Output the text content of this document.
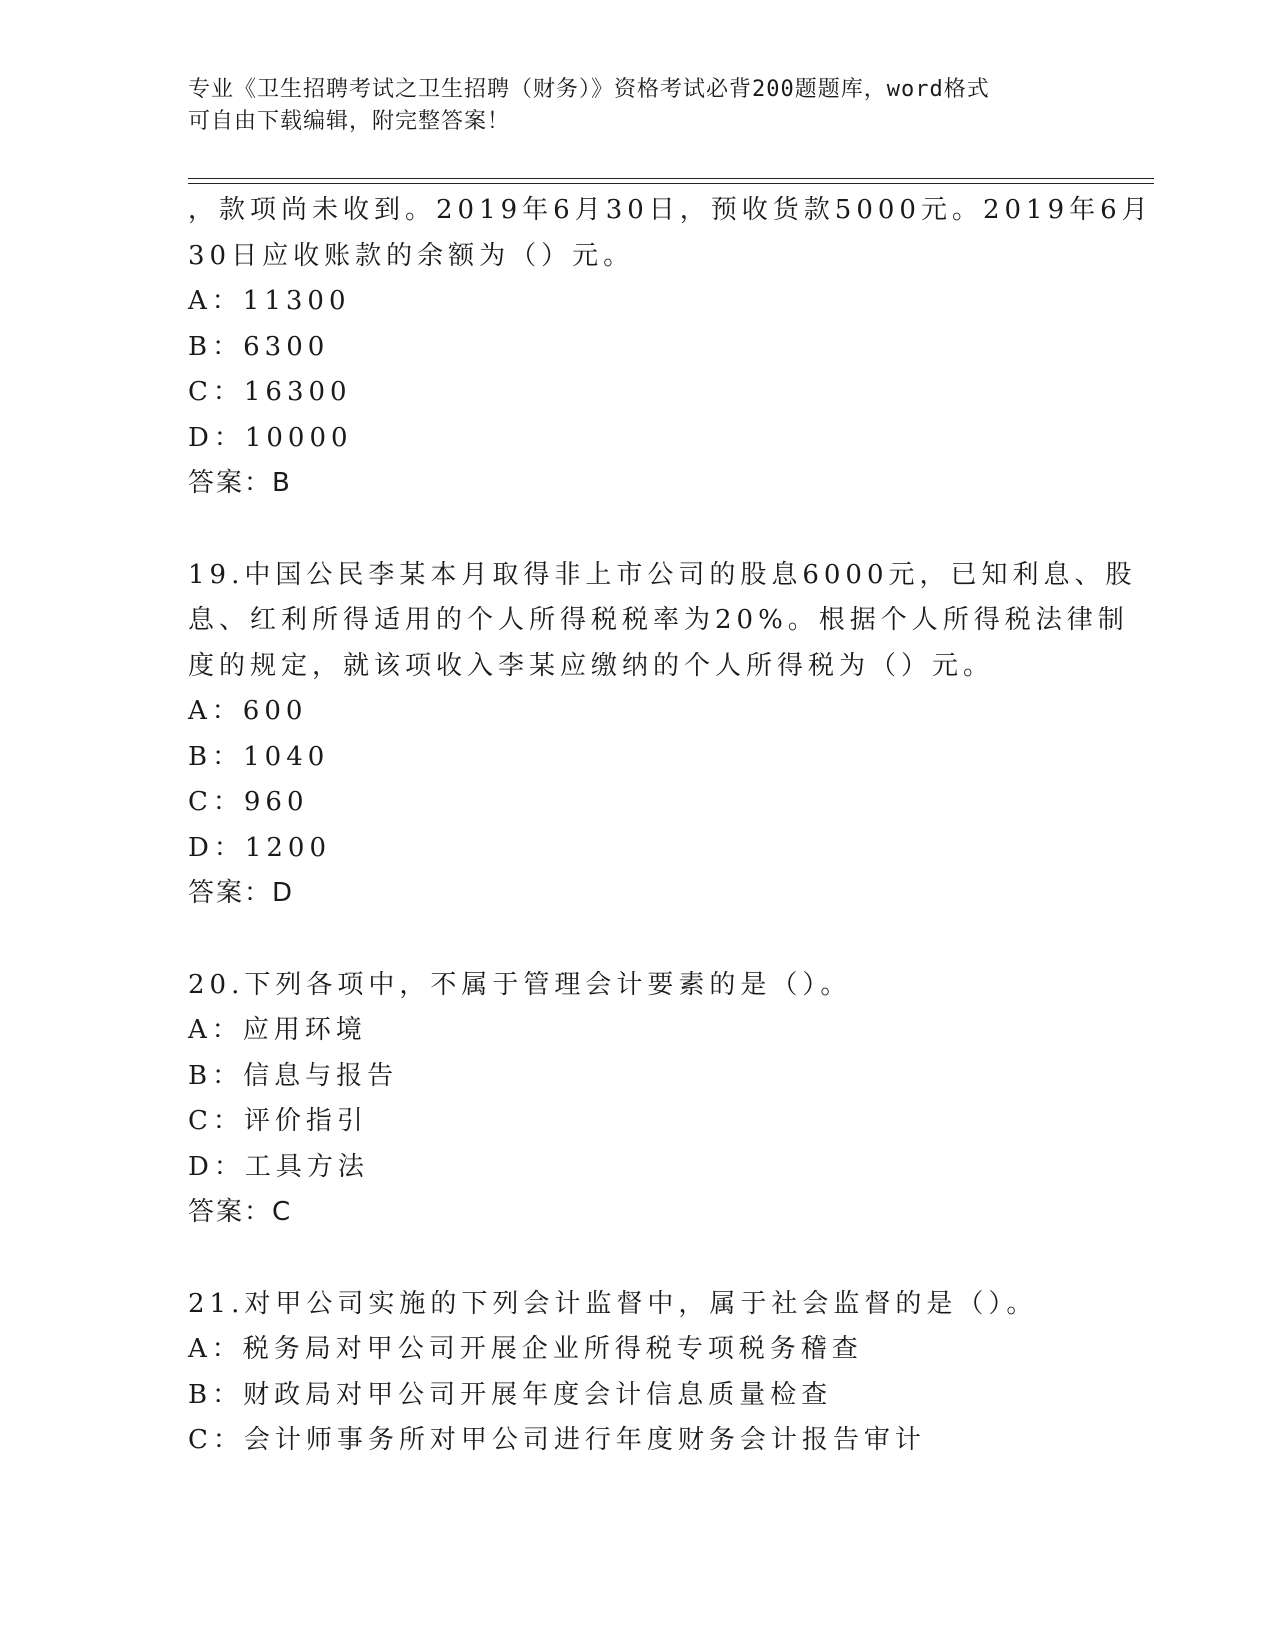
专业《卫生招聘考试之卫生招聘（财务）》资格考试必背200题题库，word格式
可自由下载编辑，附完整答案！
，款项尚未收到。2019年6月30日，预收货款5000元。2019年6月
30日应收账款的余额为（）元。
A：11300
B：6300
C：16300
D：10000
答案：B
19.中国公民李某本月取得非上市公司的股息6000元，已知利息、股
息、红利所得适用的个人所得税税率为20%。根据个人所得税法律制
度的规定，就该项收入李某应缴纳的个人所得税为（）元。
A：600
B：1040
C：960
D：1200
答案：D
20.下列各项中，不属于管理会计要素的是（）。
A：应用环境
B：信息与报告
C：评价指引
D：工具方法
答案：C
21.对甲公司实施的下列会计监督中，属于社会监督的是（）。
A：税务局对甲公司开展企业所得税专项税务稽查
B：财政局对甲公司开展年度会计信息质量检查
C：会计师事务所对甲公司进行年度财务会计报告审计
